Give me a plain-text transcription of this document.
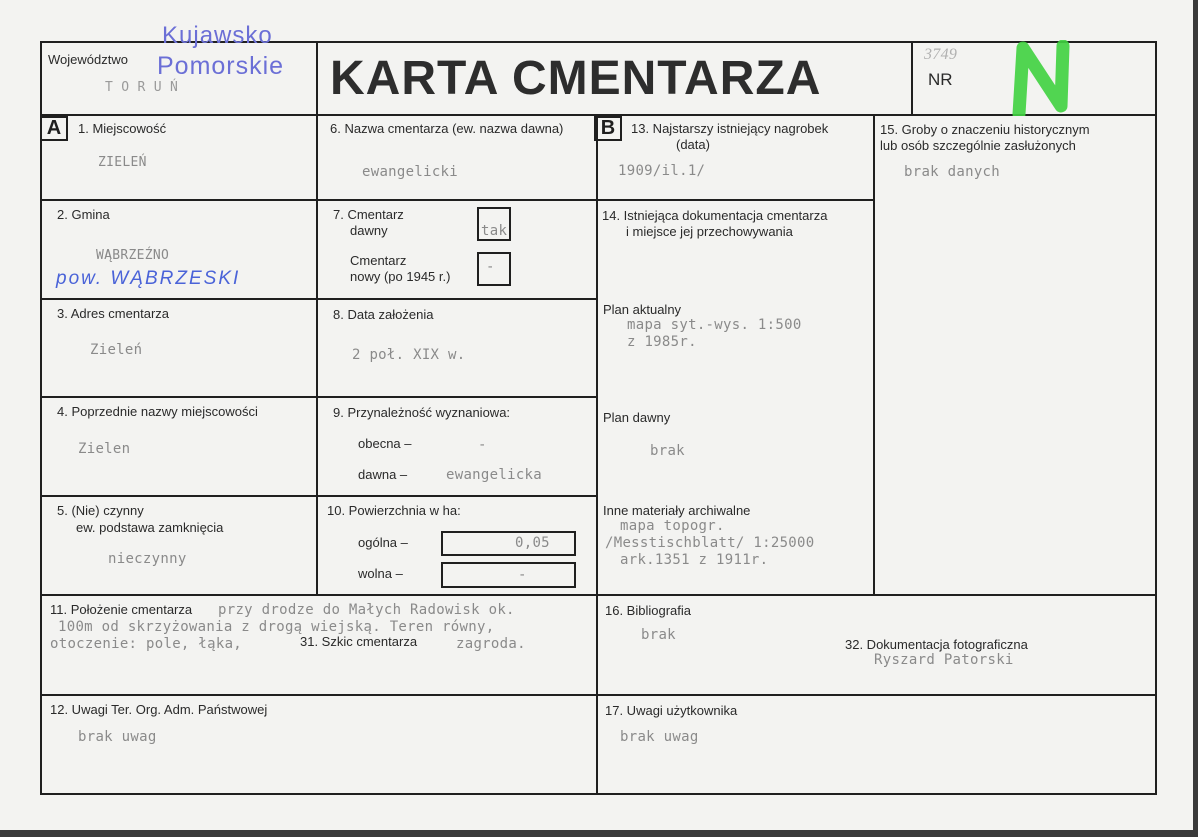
Województwo
Kujawsko
Pomorskie
T O R U Ń	KARTA CMENTARZA	NR
3749
A	B
1. Miejscowość
ZIELEŃ
6. Nazwa cmentarza (ew. nazwa dawna)
ewangelicki
13. Najstarszy istniejący nagrobek
(data)
1909/il.1/
15. Groby o znaczeniu historycznym
lub osób szczególnie zasłużonych
brak danych
2. Gmina
WĄBRZEŹNO
pow. WĄBRZESKI
7. Cmentarz
dawny	tak
Cmentarz
nowy (po 1945 r.)
-
14. Istniejąca dokumentacja cmentarza
i miejsce jej przechowywania
Plan aktualny
mapa syt.-wys. 1:500
z 1985r.
Plan dawny
brak
Inne materiały archiwalne
mapa topogr.
/Messtischblatt/ 1:25000
ark.1351 z 1911r.
3. Adres cmentarza
Zieleń
8. Data założenia
2 poł. XIX w.
4. Poprzednie nazwy miejscowości
Zielen
9. Przynależność wyznaniowa:
obecna –	-
dawna –	ewangelicka
5. (Nie) czynny
ew. podstawa zamknięcia
nieczynny
10. Powierzchnia w ha:
ogólna –	0,05
wolna –	-
11. Położenie cmentarza przy drodze do Małych Radowisk ok.
100m od skrzyżowania z drogą wiejską. Teren równy,
otoczenie: pole, łąka,	31. Szkic cmentarza	zagroda.
16. Bibliografia
brak
32. Dokumentacja fotograficzna
Ryszard Patorski
12. Uwagi Ter. Org. Adm. Państwowej
brak uwag
17. Uwagi użytkownika
brak uwag
